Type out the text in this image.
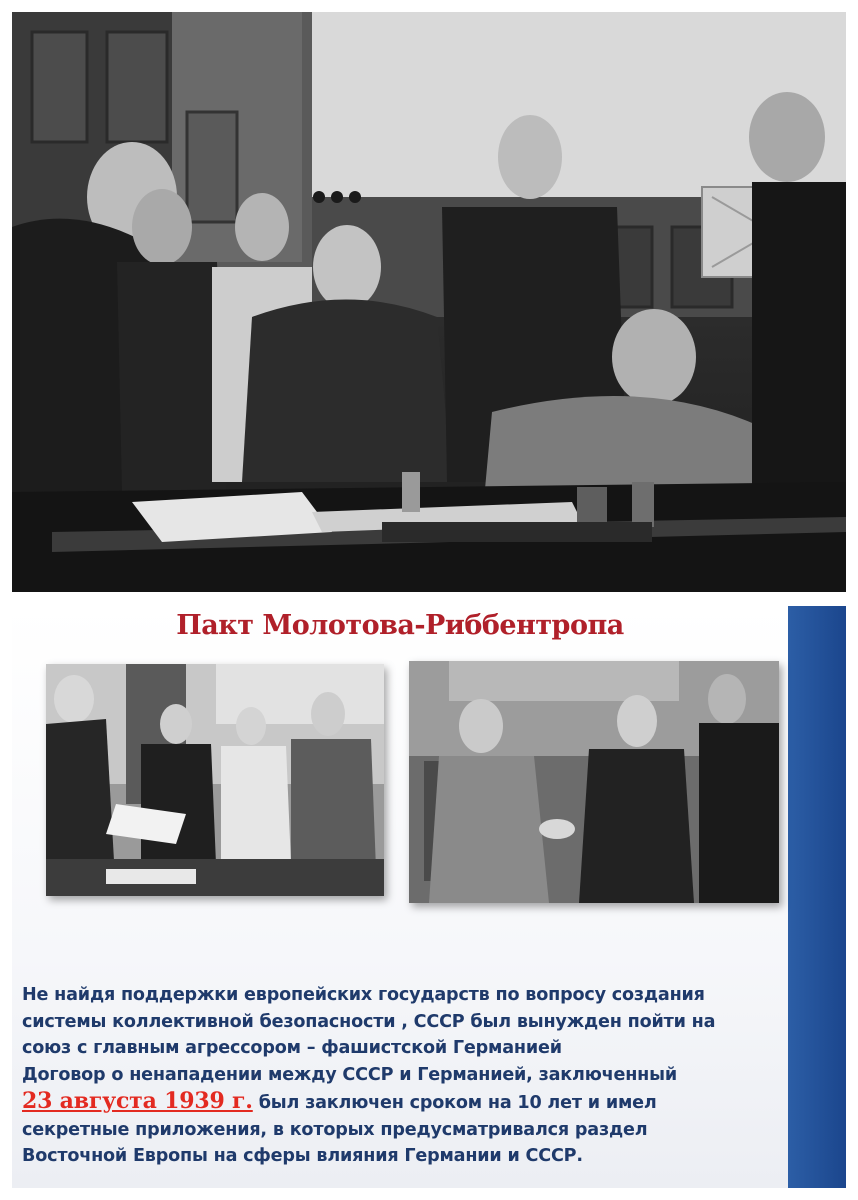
Пакт Молотова-Риббентропа
Не найдя поддержки европейских государств по вопросу создания
системы коллективной безопасности , СССР был вынужден пойти на
союз с главным агрессором – фашистской Германией
Договор о ненападении между СССР и Германией, заключенный
23 августа 1939 г. был заключен сроком на 10 лет и имел
секретные приложения, в которых предусматривался раздел
Восточной Европы на сферы влияния Германии и СССР.
